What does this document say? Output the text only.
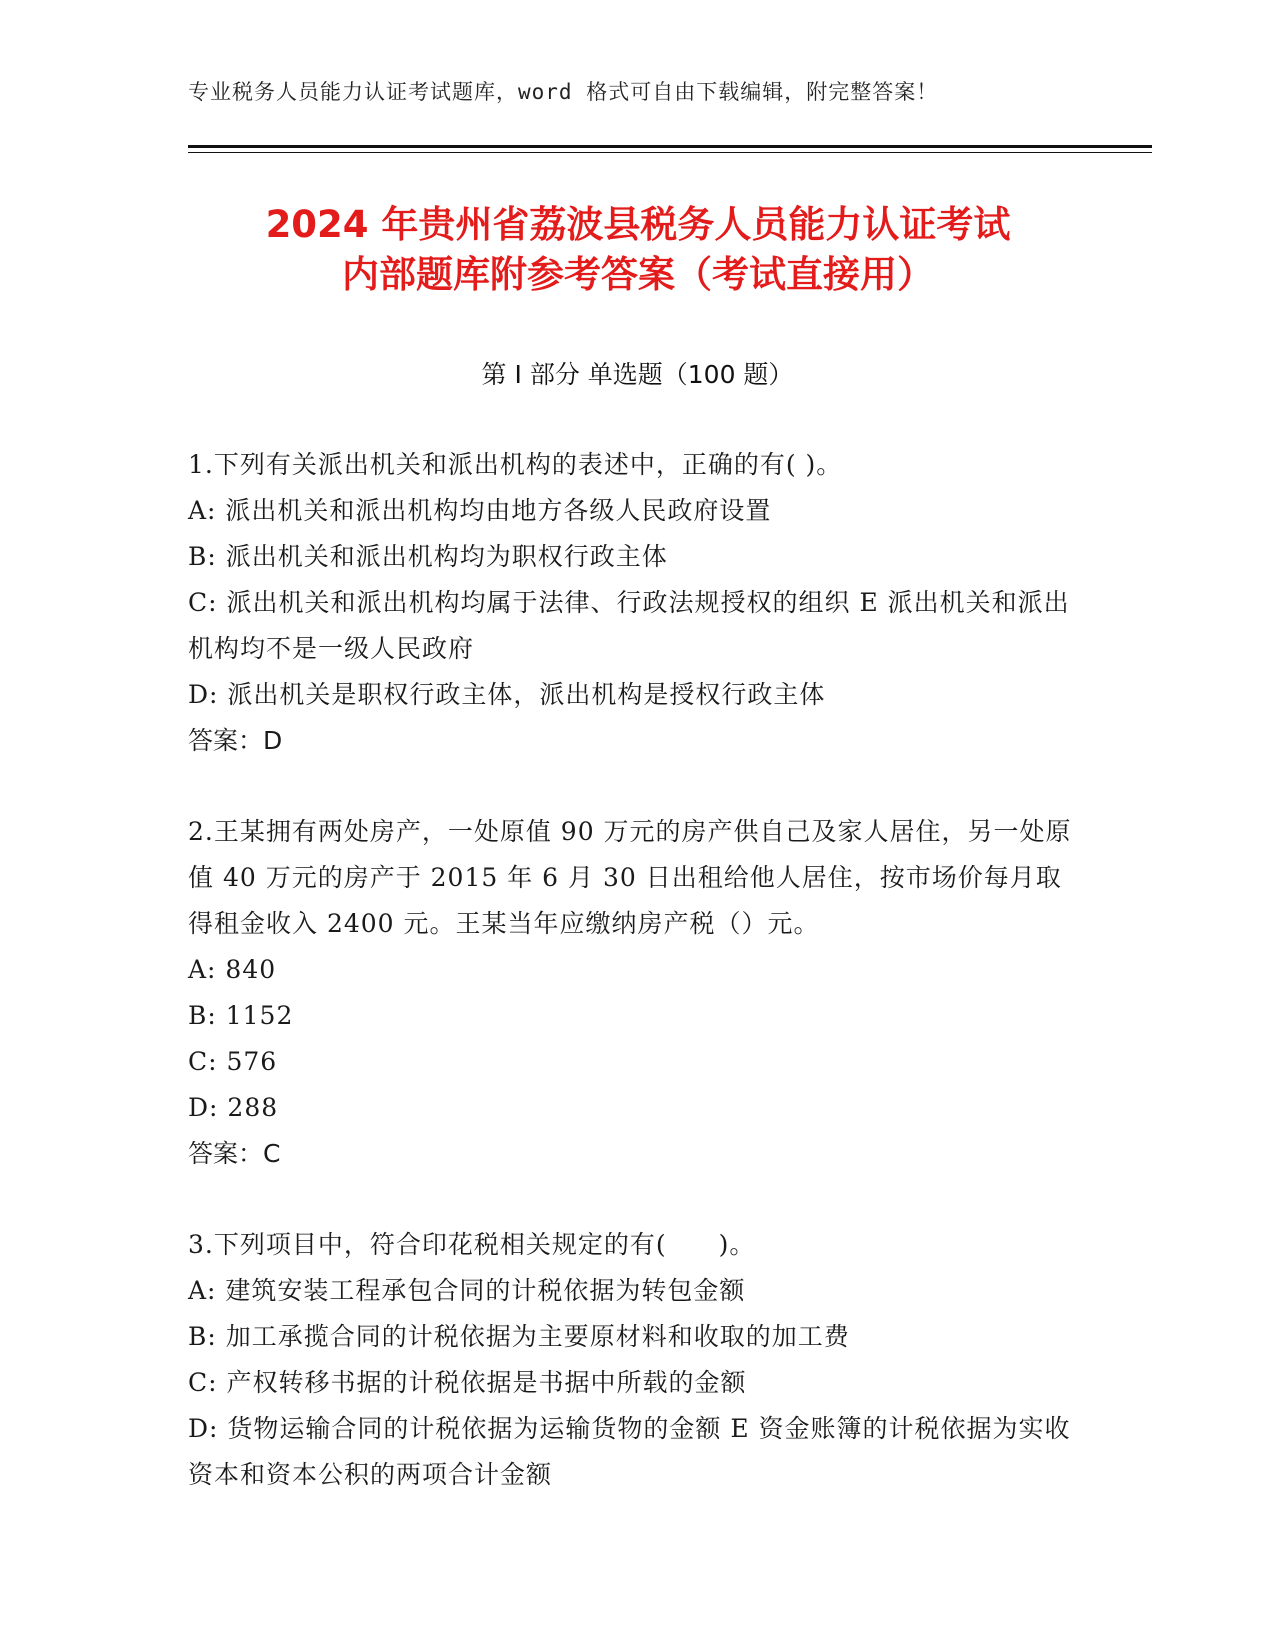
专业税务人员能力认证考试题库，word 格式可自由下载编辑，附完整答案！
2024 年贵州省荔波县税务人员能力认证考试
内部题库附参考答案（考试直接用）
第 I 部分 单选题（100 题）

1.下列有关派出机关和派出机构的表述中，正确的有( )。

A: 派出机关和派出机构均由地方各级人民政府设置

B: 派出机关和派出机构均为职权行政主体

C: 派出机关和派出机构均属于法律、行政法规授权的组织 E 派出机关和派出机构均不是一级人民政府

D: 派出机关是职权行政主体，派出机构是授权行政主体

答案：D

2.王某拥有两处房产，一处原值 90 万元的房产供自己及家人居住，另一处原值 40 万元的房产于 2015 年 6 月 30 日出租给他人居住，按市场价每月取得租金收入 2400 元。王某当年应缴纳房产税（）元。

A: 840

B: 1152

C: 576

D: 288

答案：C

3.下列项目中，符合印花税相关规定的有(　　)。

A: 建筑安装工程承包合同的计税依据为转包金额

B: 加工承揽合同的计税依据为主要原材料和收取的加工费

C: 产权转移书据的计税依据是书据中所载的金额

D: 货物运输合同的计税依据为运输货物的金额 E 资金账簿的计税依据为实收资本和资本公积的两项合计金额
